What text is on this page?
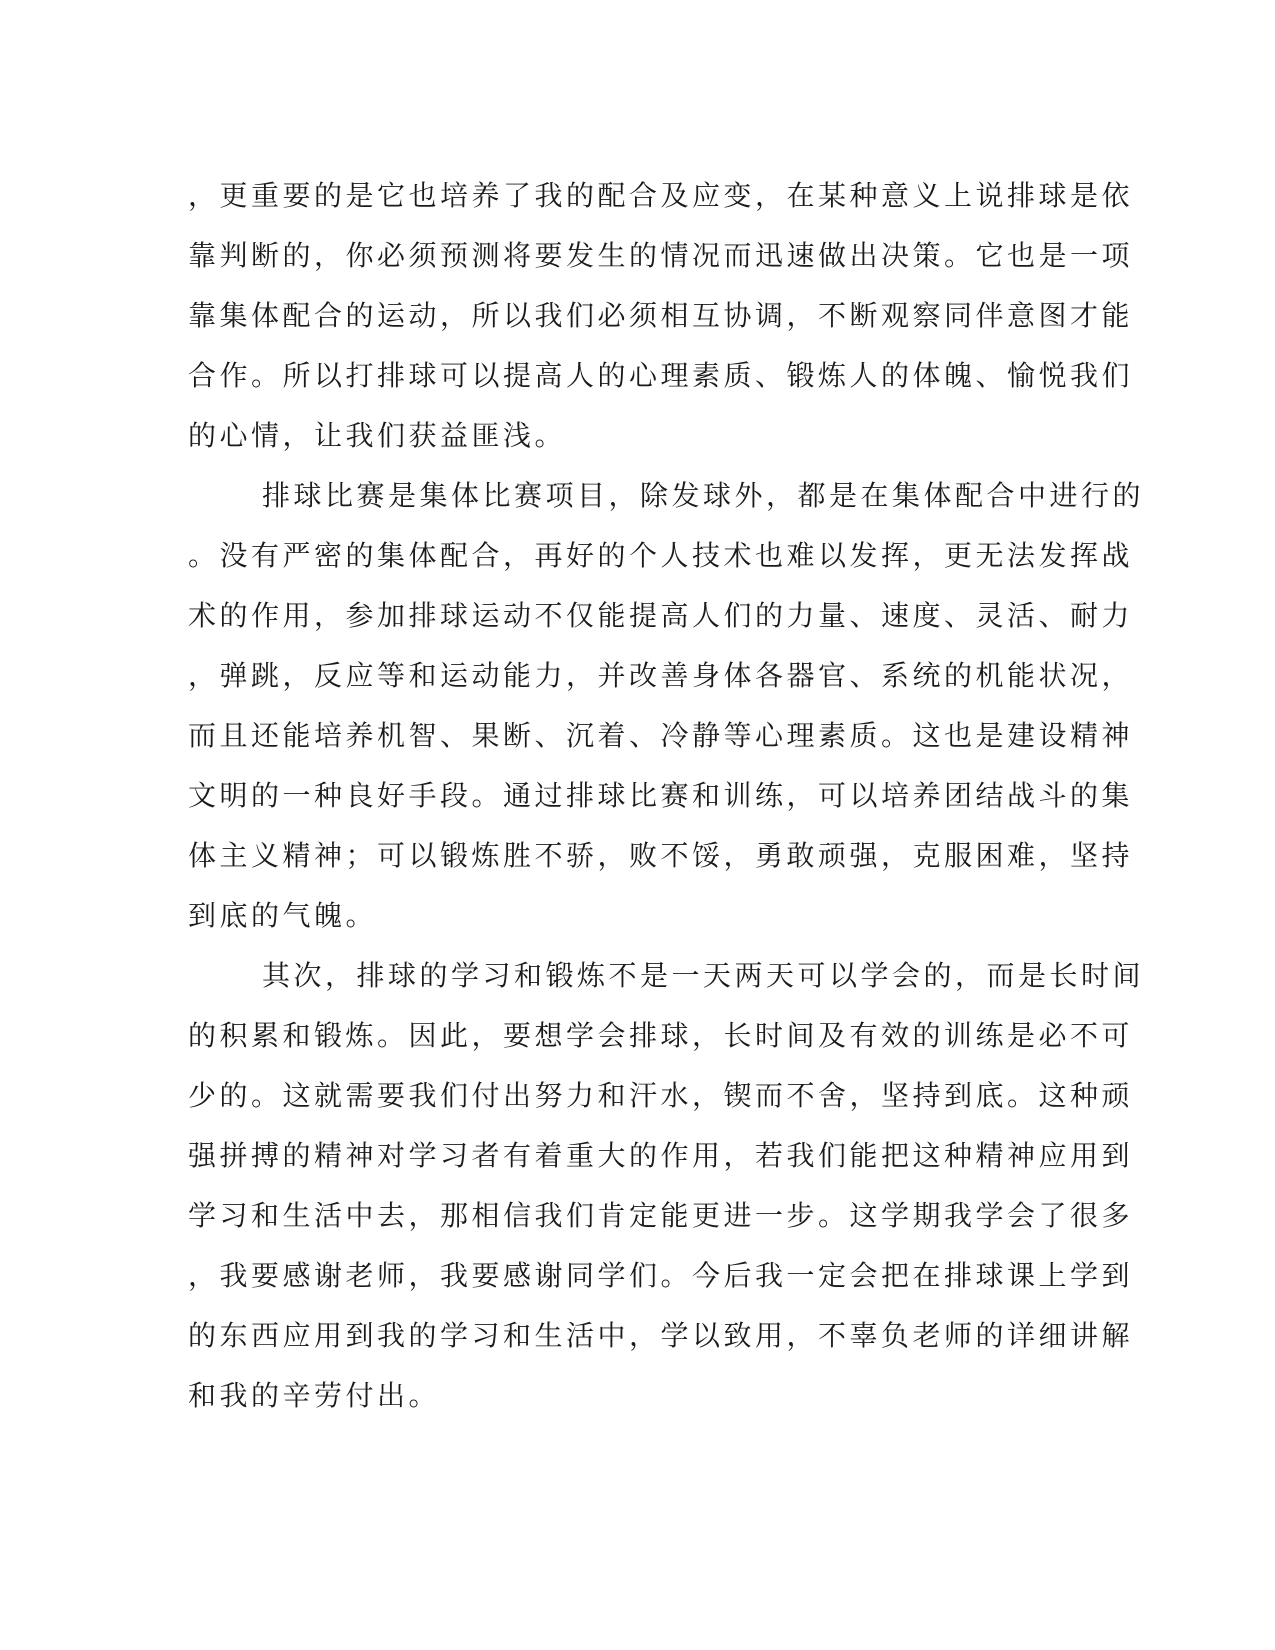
，更重要的是它也培养了我的配合及应变，在某种意义上说排球是依
靠判断的，你必须预测将要发生的情况而迅速做出决策。它也是一项
靠集体配合的运动，所以我们必须相互协调，不断观察同伴意图才能
合作。所以打排球可以提高人的心理素质、锻炼人的体魄、愉悦我们
的心情，让我们获益匪浅。
排球比赛是集体比赛项目，除发球外，都是在集体配合中进行的
。没有严密的集体配合，再好的个人技术也难以发挥，更无法发挥战
术的作用，参加排球运动不仅能提高人们的力量、速度、灵活、耐力
，弹跳，反应等和运动能力，并改善身体各器官、系统的机能状况，
而且还能培养机智、果断、沉着、冷静等心理素质。这也是建设精神
文明的一种良好手段。通过排球比赛和训练，可以培养团结战斗的集
体主义精神；可以锻炼胜不骄，败不馁，勇敢顽强，克服困难，坚持
到底的气魄。
其次，排球的学习和锻炼不是一天两天可以学会的，而是长时间
的积累和锻炼。因此，要想学会排球，长时间及有效的训练是必不可
少的。这就需要我们付出努力和汗水，锲而不舍，坚持到底。这种顽
强拼搏的精神对学习者有着重大的作用，若我们能把这种精神应用到
学习和生活中去，那相信我们肯定能更进一步。这学期我学会了很多
，我要感谢老师，我要感谢同学们。今后我一定会把在排球课上学到
的东西应用到我的学习和生活中，学以致用，不辜负老师的详细讲解
和我的辛劳付出。
